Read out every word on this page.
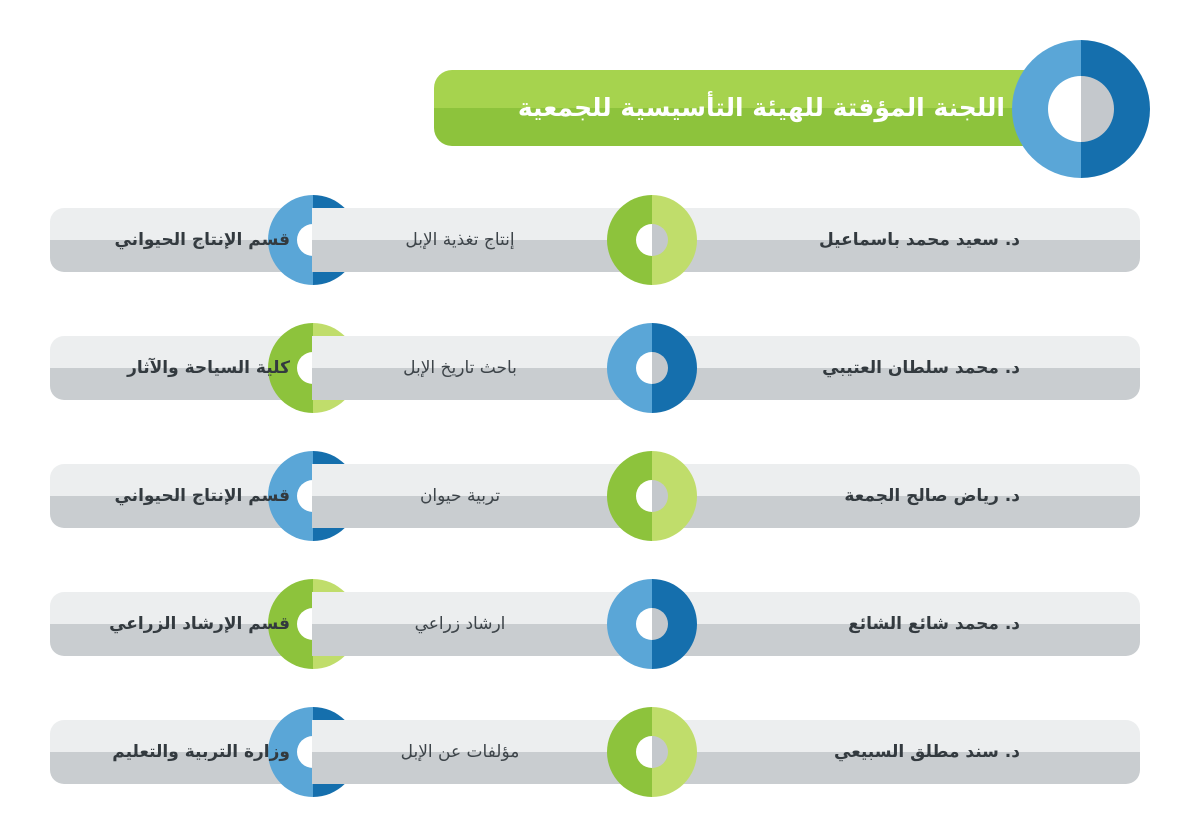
اللجنة المؤقتة للهيئة التأسيسية للجمعية
د. سعيد محمد باسماعيل
إنتاج تغذية الإبل
قسم الإنتاج الحيواني
د. محمد سلطان العتيبي
باحث تاريخ الإبل
كلية السياحة والآثار
د. رياض صالح الجمعة
تربية حيوان
قسم الإنتاج الحيواني
د. محمد شائع الشائع
ارشاد زراعي
قسم الإرشاد الزراعي
د. سند مطلق السبيعي
مؤلفات عن الإبل
وزارة التربية والتعليم
